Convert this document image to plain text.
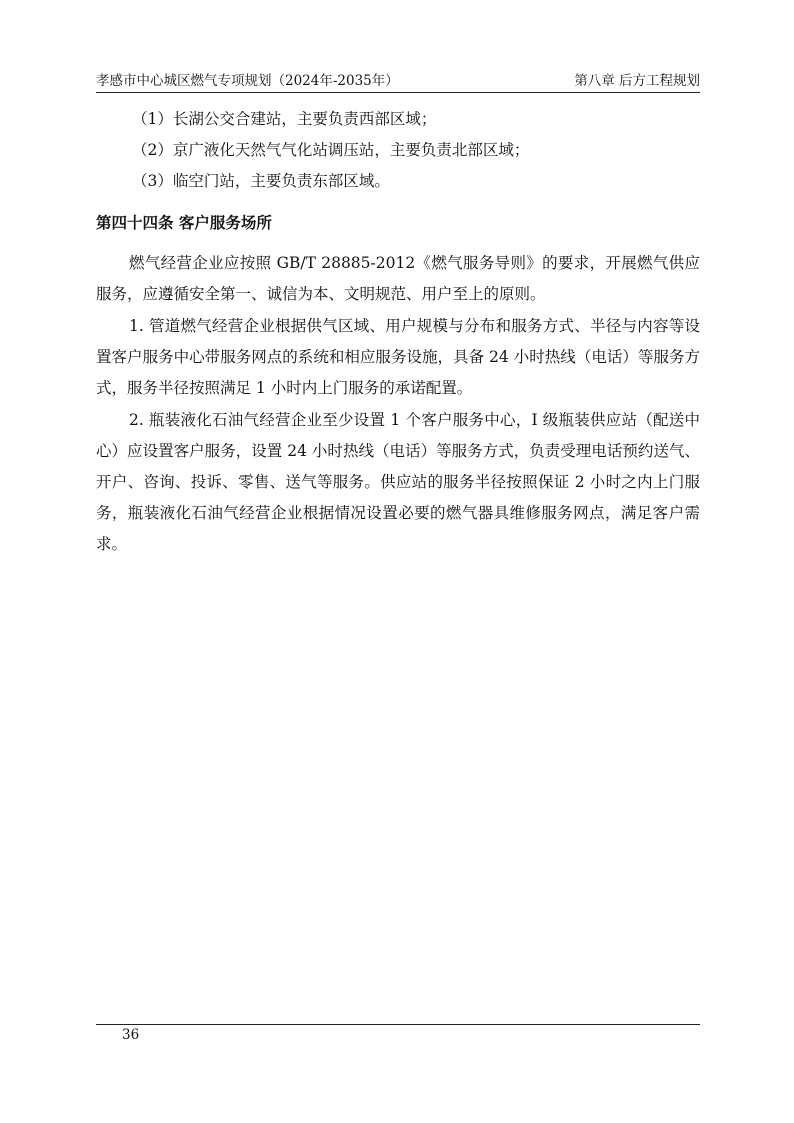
孝感市中心城区燃气专项规划（2024年-2035年）	第八章 后方工程规划
（1）长湖公交合建站，主要负责西部区域；
（2）京广液化天然气气化站调压站，主要负责北部区域；
（3）临空门站，主要负责东部区域。
第四十四条 客户服务场所

燃气经营企业应按照 GB/T 28885-2012《燃气服务导则》的要求，开展燃气供应服务，应遵循安全第一、诚信为本、文明规范、用户至上的原则。

1. 管道燃气经营企业根据供气区域、用户规模与分布和服务方式、半径与内容等设置客户服务中心带服务网点的系统和相应服务设施，具备 24 小时热线（电话）等服务方式，服务半径按照满足 1 小时内上门服务的承诺配置。

2. 瓶装液化石油气经营企业至少设置 1 个客户服务中心，I 级瓶装供应站（配送中心）应设置客户服务，设置 24 小时热线（电话）等服务方式，负责受理电话预约送气、开户、咨询、投诉、零售、送气等服务。供应站的服务半径按照保证 2 小时之内上门服务，瓶装液化石油气经营企业根据情况设置必要的燃气器具维修服务网点，满足客户需求。

36
